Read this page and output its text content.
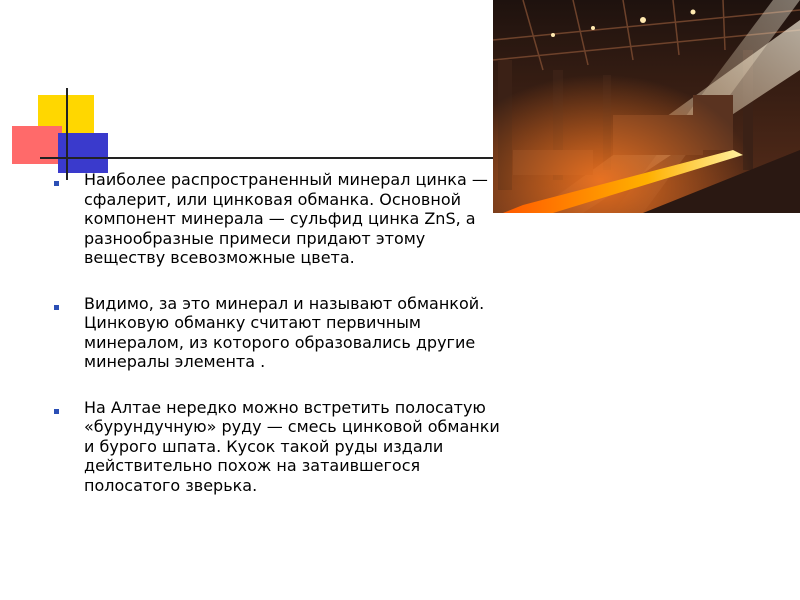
Наиболее распространенный минерал цинка — сфалерит, или цинковая обманка. Основной компонент минерала — сульфид цинка ZnS, а разнообразные примеси придают этому веществу всевозможные цвета.
Видимо, за это минерал и называют обманкой. Цинковую обманку считают первичным минералом, из которого образовались другие минералы элемента .
На Алтае нередко можно встретить полосатую «бурундучную» руду — смесь цинковой обманки и бурого шпата. Кусок такой руды издали действительно похож на затаившегося полосатого зверька.
